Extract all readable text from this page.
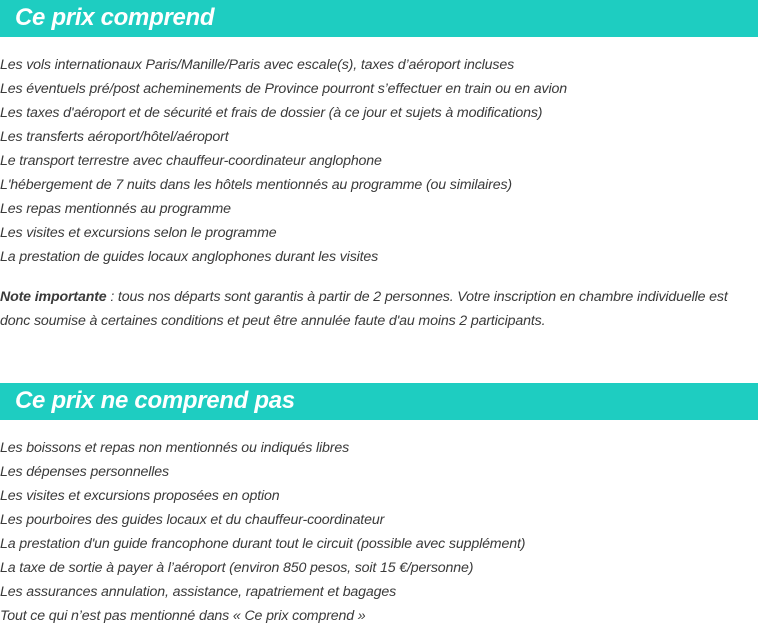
Ce prix comprend
Les vols internationaux Paris/Manille/Paris avec escale(s), taxes d’aéroport incluses
Les éventuels pré/post acheminements de Province pourront s’effectuer en train ou en avion
Les taxes d'aéroport et de sécurité et frais de dossier (à ce jour et sujets à modifications)
Les transferts aéroport/hôtel/aéroport
Le transport terrestre avec chauffeur-coordinateur anglophone
L'hébergement de 7 nuits dans les hôtels mentionnés au programme (ou similaires)
Les repas mentionnés au programme
Les visites et excursions selon le programme
La prestation de guides locaux anglophones durant les visites

Note importante : tous nos départs sont garantis à partir de 2 personnes. Votre inscription en chambre individuelle est donc soumise à certaines conditions et peut être annulée faute d'au moins 2 participants.

Ce prix ne comprend pas
Les boissons et repas non mentionnés ou indiqués libres
Les dépenses personnelles
Les visites et excursions proposées en option
Les pourboires des guides locaux et du chauffeur-coordinateur
La prestation d'un guide francophone durant tout le circuit (possible avec supplément)
La taxe de sortie à payer à l’aéroport (environ 850 pesos, soit 15 €/personne)
Les assurances annulation, assistance, rapatriement et bagages
Tout ce qui n’est pas mentionné dans « Ce prix comprend »
